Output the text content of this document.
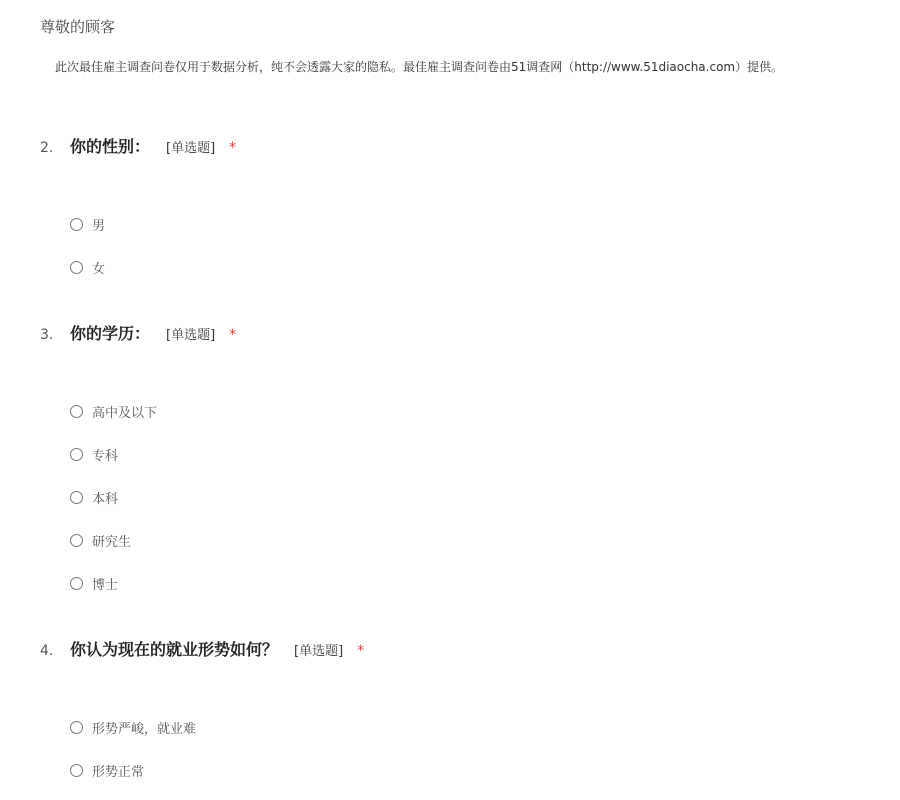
尊敬的顾客
此次最佳雇主调查问卷仅用于数据分析，纯不会透露大家的隐私。最佳雇主调查问卷由51调查网（http://www.51diaocha.com）提供。
2.	你的性别： [单选题] *
男
女
3.	你的学历： [单选题] *
高中及以下
专科
本科
研究生
博士
4.	你认为现在的就业形势如何？ [单选题] *
形势严峻，就业难
形势正常
